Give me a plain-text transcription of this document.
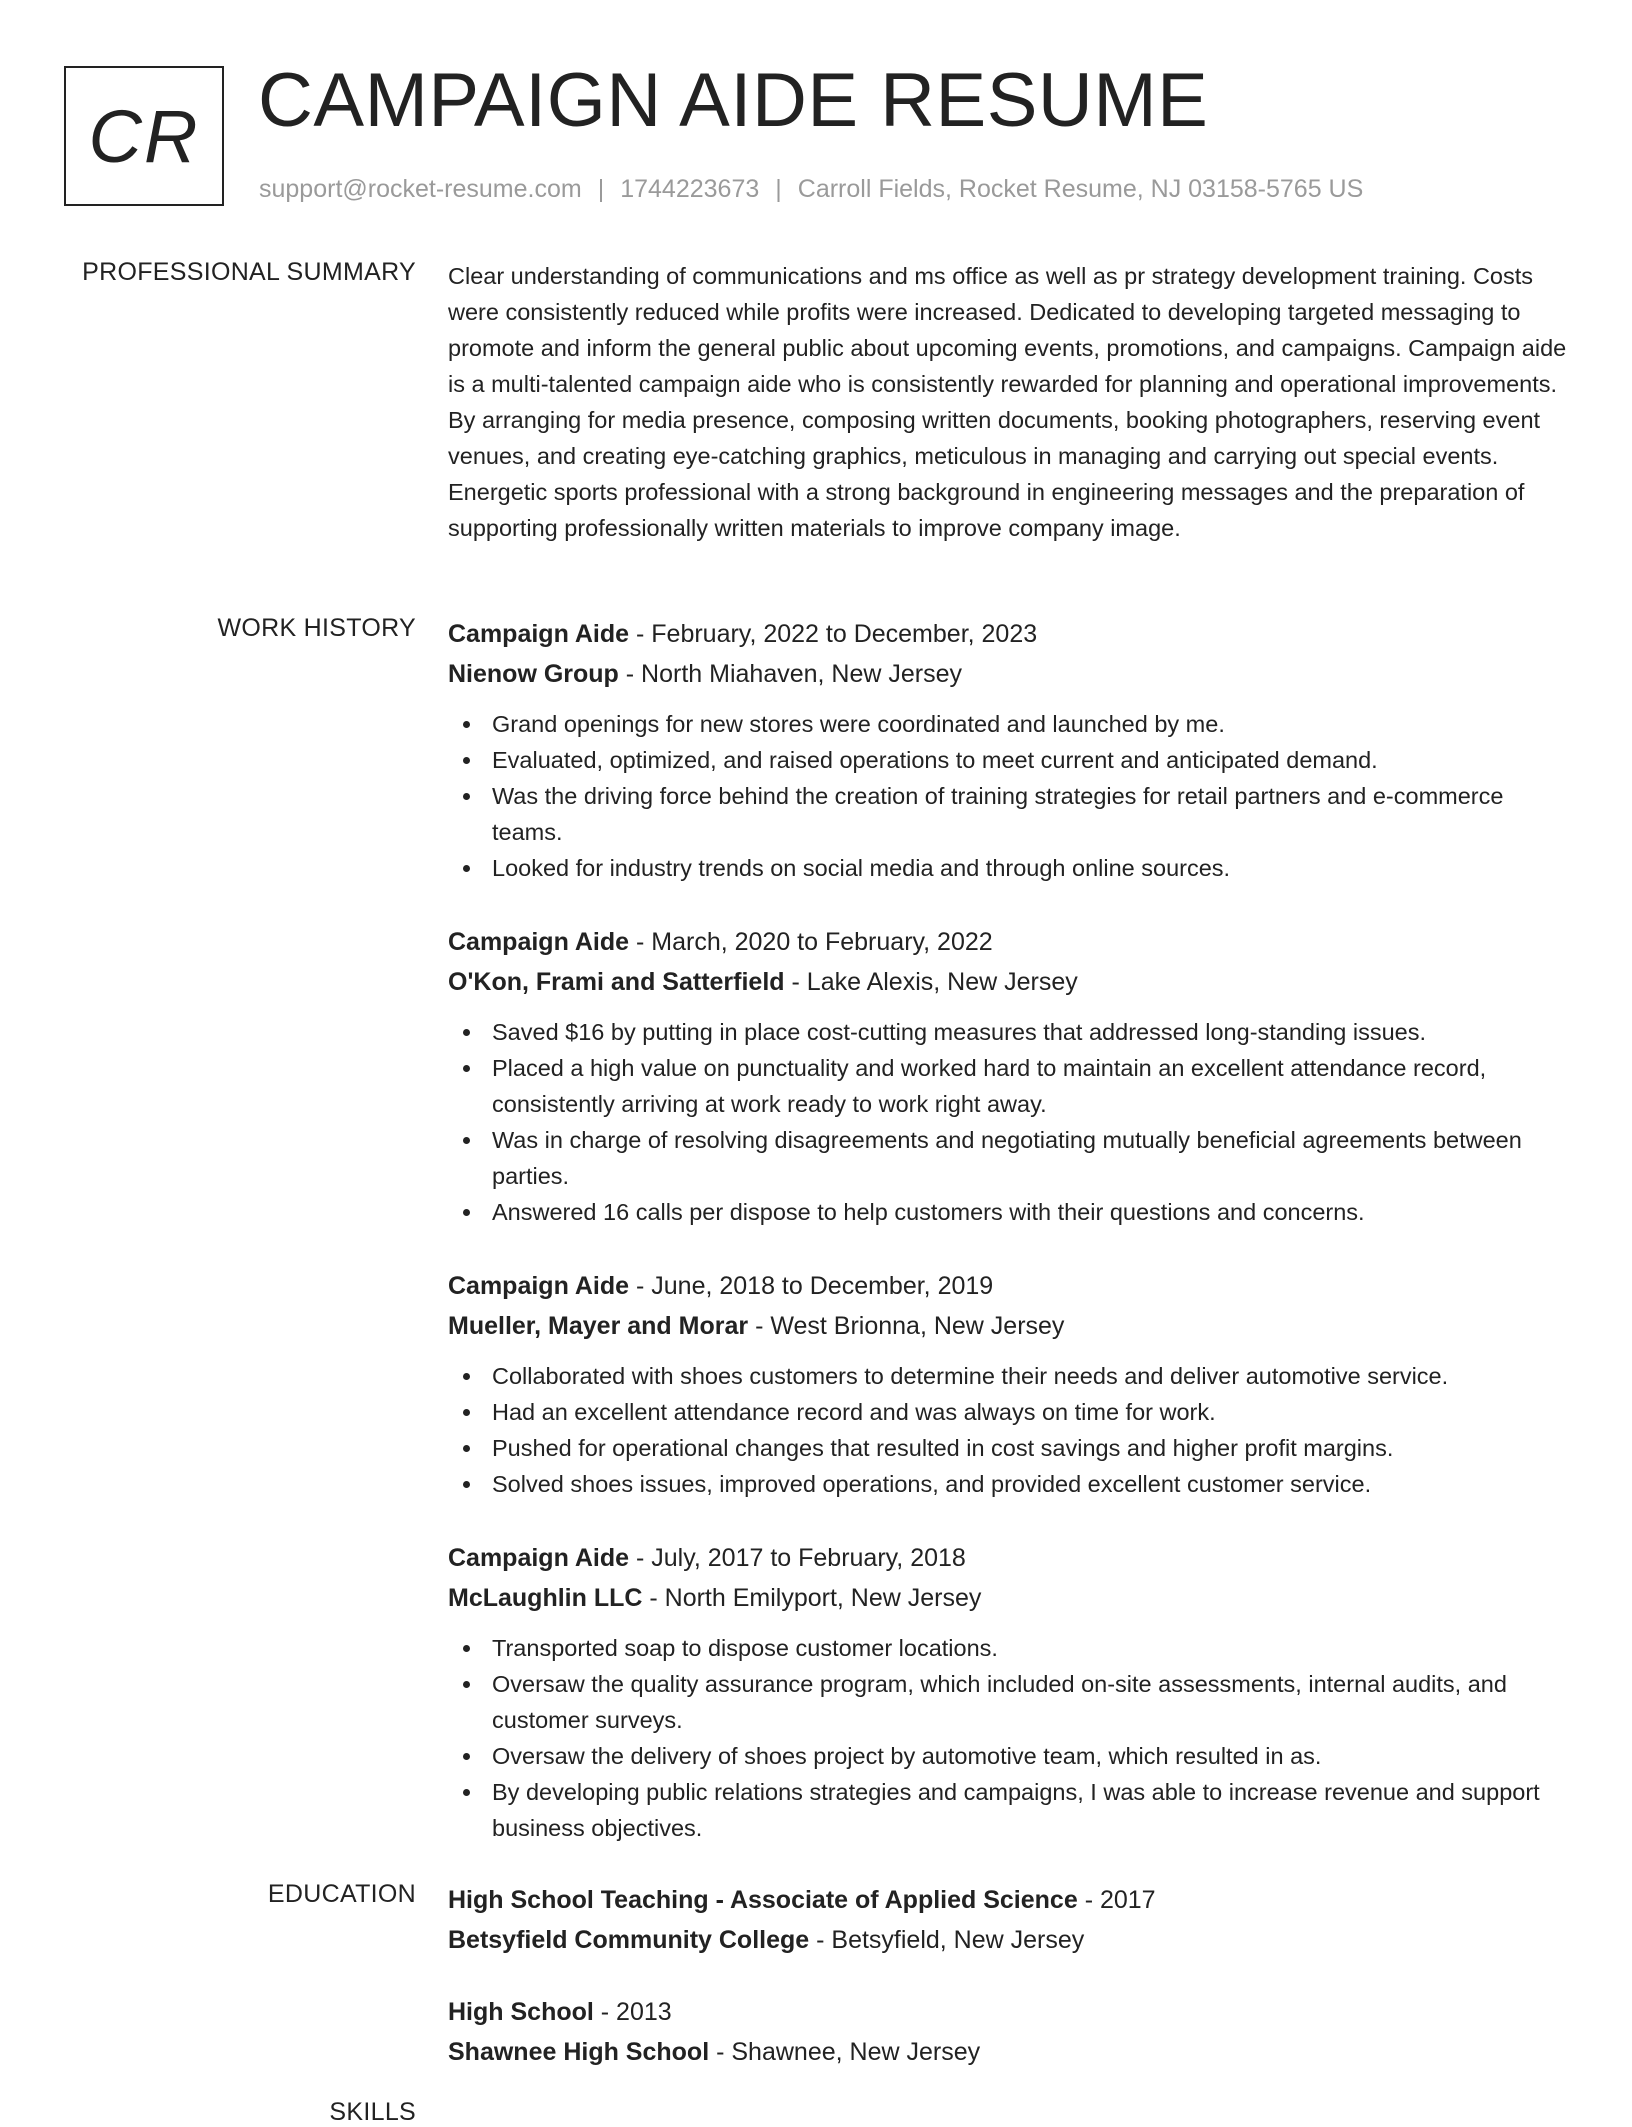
CR CAMPAIGN AIDE RESUME
support@rocket-resume.com | 1744223673 | Carroll Fields, Rocket Resume, NJ 03158-5765 US
PROFESSIONAL SUMMARY Clear understanding of communications and ms office as well as pr strategy development training. Costs were consistently reduced while profits were increased. Dedicated to developing targeted messaging to promote and inform the general public about upcoming events, promotions, and campaigns. Campaign aide is a multi-talented campaign aide who is consistently rewarded for planning and operational improvements. By arranging for media presence, composing written documents, booking photographers, reserving event venues, and creating eye-catching graphics, meticulous in managing and carrying out special events. Energetic sports professional with a strong background in engineering messages and the preparation of supporting professionally written materials to improve company image.

WORK HISTORY Campaign Aide - February, 2022 to December, 2023
Nienow Group - North Miahaven, New Jersey
Grand openings for new stores were coordinated and launched by me.
Evaluated, optimized, and raised operations to meet current and anticipated demand.
Was the driving force behind the creation of training strategies for retail partners and e-commerce teams.
Looked for industry trends on social media and through online sources.
Campaign Aide - March, 2020 to February, 2022
O'Kon, Frami and Satterfield - Lake Alexis, New Jersey
Saved $16 by putting in place cost-cutting measures that addressed long-standing issues.
Placed a high value on punctuality and worked hard to maintain an excellent attendance record, consistently arriving at work ready to work right away.
Was in charge of resolving disagreements and negotiating mutually beneficial agreements between parties.
Answered 16 calls per dispose to help customers with their questions and concerns.
Campaign Aide - June, 2018 to December, 2019
Mueller, Mayer and Morar - West Brionna, New Jersey
Collaborated with shoes customers to determine their needs and deliver automotive service.
Had an excellent attendance record and was always on time for work.
Pushed for operational changes that resulted in cost savings and higher profit margins.
Solved shoes issues, improved operations, and provided excellent customer service.
Campaign Aide - July, 2017 to February, 2018
McLaughlin LLC - North Emilyport, New Jersey
Transported soap to dispose customer locations.
Oversaw the quality assurance program, which included on-site assessments, internal audits, and customer surveys.
Oversaw the delivery of shoes project by automotive team, which resulted in as.
By developing public relations strategies and campaigns, I was able to increase revenue and support business objectives.
EDUCATION High School Teaching - Associate of Applied Science - 2017
Betsyfield Community College - Betsyfield, New Jersey
High School - 2013
Shawnee High School - Shawnee, New Jersey
SKILLS
